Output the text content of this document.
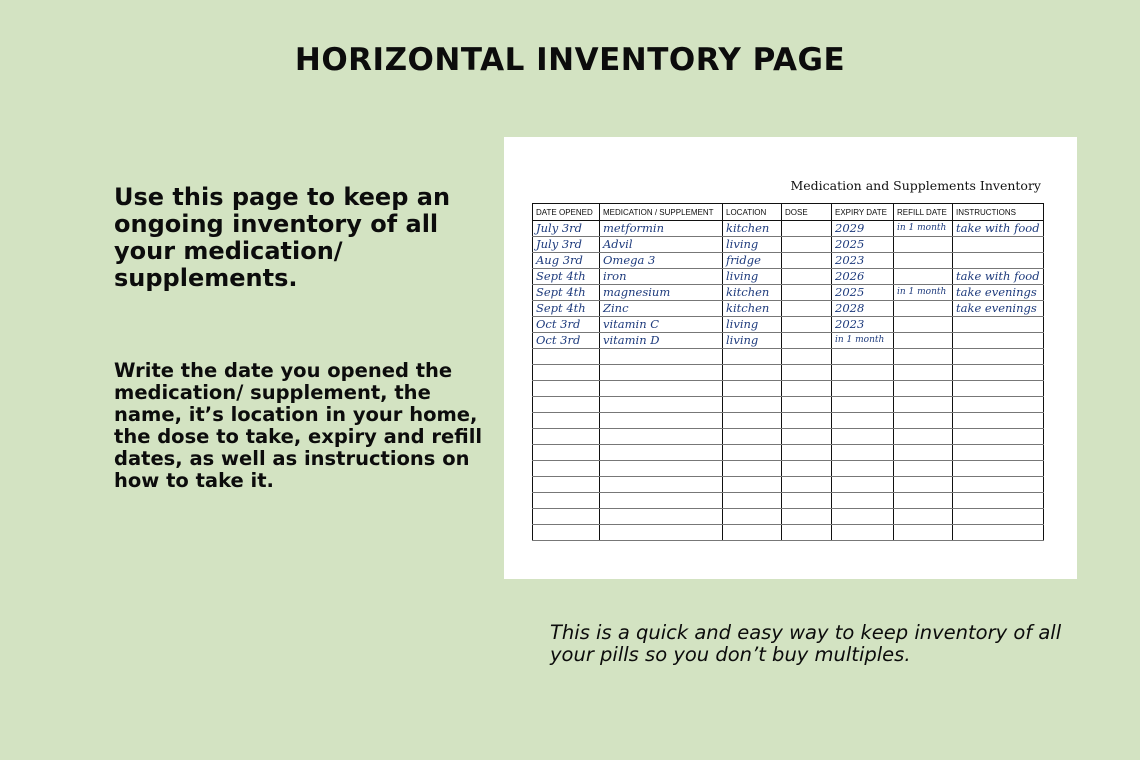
HORIZONTAL INVENTORY PAGE

Use this page to keep an ongoing inventory of all your medication/ supplements.

Write the date you opened the medication/ supplement, the name, it’s location in your home, the dose to take, expiry and refill dates, as well as instructions on how to take it.

This is a quick and easy way to keep inventory of all your pills so you don’t buy multiples.

Medication and Supplements Inventory
DATE OPENED	MEDICATION / SUPPLEMENT	LOCATION	DOSE	EXPIRY DATE	REFILL DATE	INSTRUCTIONS
July 3rd	metformin	kitchen		2029	in 1 month	take with food
July 3rd	Advil	living		2025		
Aug 3rd	Omega 3	fridge		2023		
Sept 4th	iron	living		2026		take with food
Sept 4th	magnesium	kitchen		2025	in 1 month	take evenings
Sept 4th	Zinc	kitchen		2028		take evenings
Oct 3rd	vitamin C	living		2023		
Oct 3rd	vitamin D	living		in 1 month		
